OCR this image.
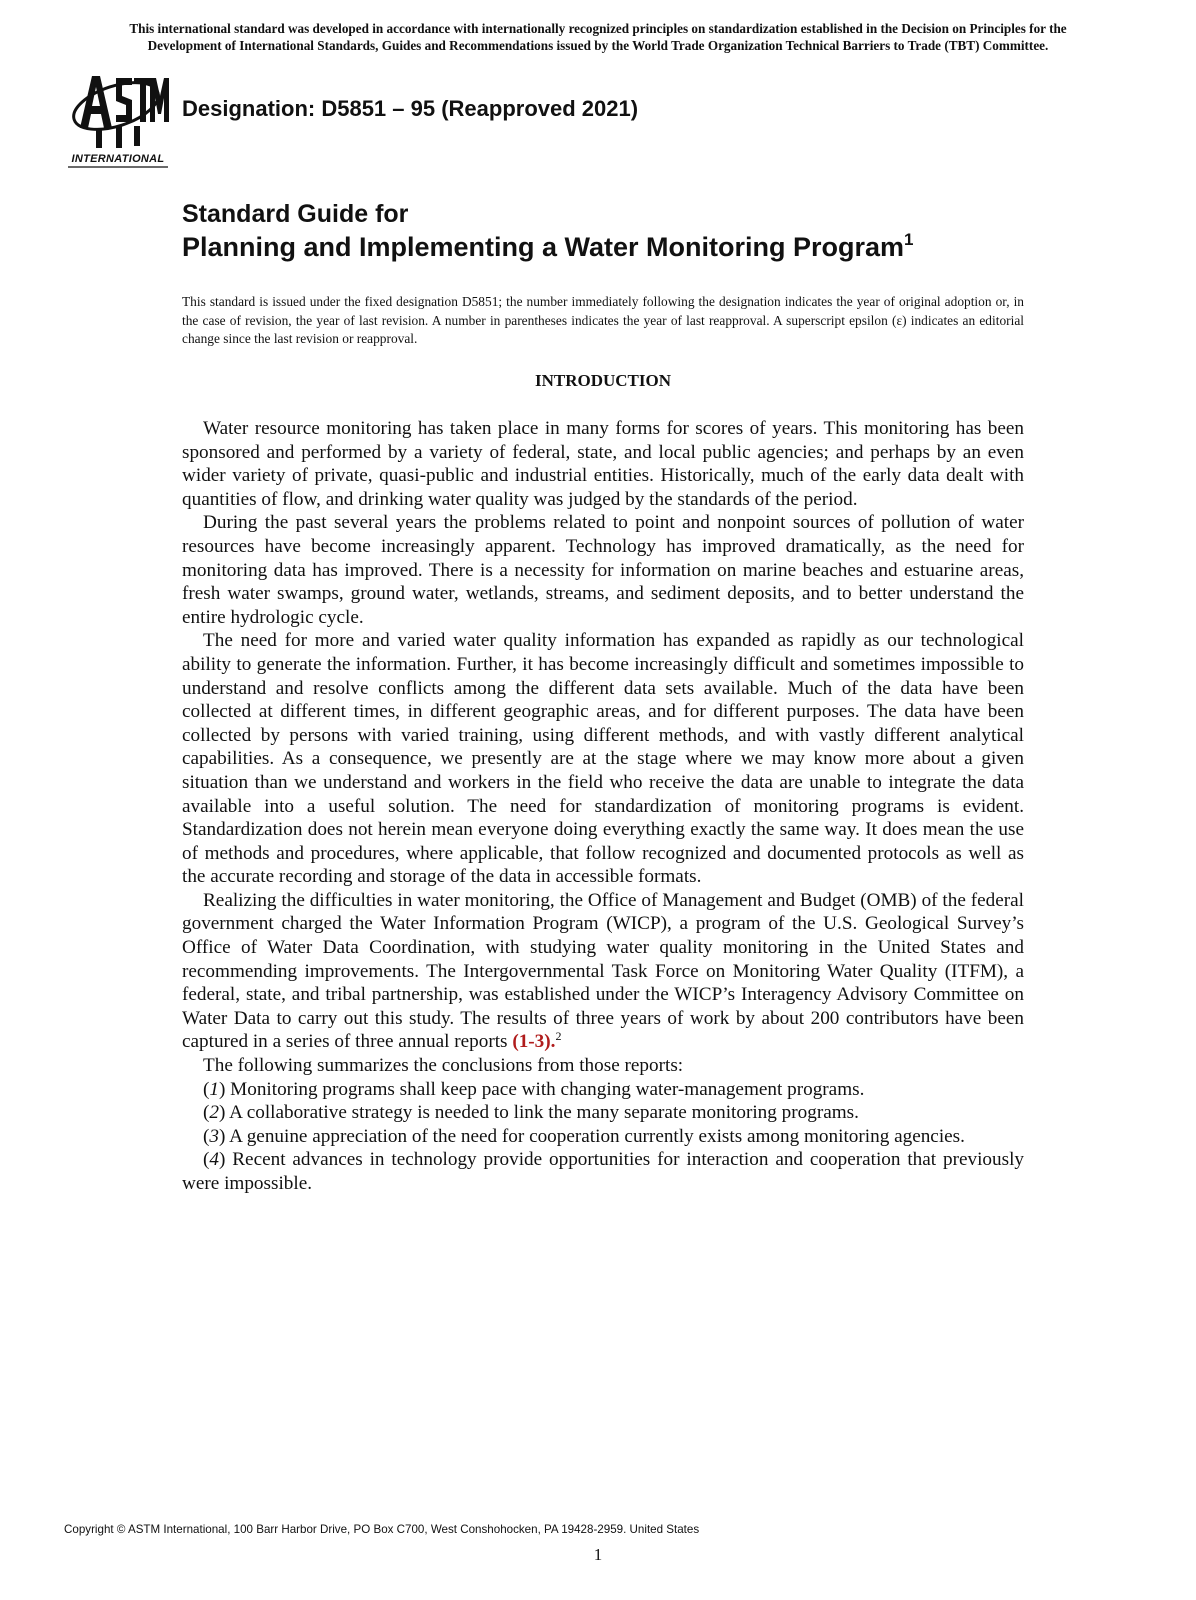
This international standard was developed in accordance with internationally recognized principles on standardization established in the Decision on Principles for the
Development of International Standards, Guides and Recommendations issued by the World Trade Organization Technical Barriers to Trade (TBT) Committee.
INTERNATIONAL
Designation: D5851 – 95 (Reapproved 2021)
Standard Guide for
Planning and Implementing a Water Monitoring Program$^1$
This standard is issued under the fixed designation D5851; the number immediately following the designation indicates the year of original adoption or, in the case of revision, the year of last revision. A number in parentheses indicates the year of last reapproval. A superscript epsilon (ε) indicates an editorial change since the last revision or reapproval.
INTRODUCTION

Water resource monitoring has taken place in many forms for scores of years. This monitoring has been sponsored and performed by a variety of federal, state, and local public agencies; and perhaps by an even wider variety of private, quasi-public and industrial entities. Historically, much of the early data dealt with quantities of flow, and drinking water quality was judged by the standards of the period.

During the past several years the problems related to point and nonpoint sources of pollution of water resources have become increasingly apparent. Technology has improved dramatically, as the need for monitoring data has improved. There is a necessity for information on marine beaches and estuarine areas, fresh water swamps, ground water, wetlands, streams, and sediment deposits, and to better understand the entire hydrologic cycle.

The need for more and varied water quality information has expanded as rapidly as our technological ability to generate the information. Further, it has become increasingly difficult and sometimes impossible to understand and resolve conflicts among the different data sets available. Much of the data have been collected at different times, in different geographic areas, and for different purposes. The data have been collected by persons with varied training, using different methods, and with vastly different analytical capabilities. As a consequence, we presently are at the stage where we may know more about a given situation than we understand and workers in the field who receive the data are unable to integrate the data available into a useful solution. The need for standardization of monitoring programs is evident. Standardization does not herein mean everyone doing everything exactly the same way. It does mean the use of methods and procedures, where applicable, that follow recognized and documented protocols as well as the accurate recording and storage of the data in accessible formats.

Realizing the difficulties in water monitoring, the Office of Management and Budget (OMB) of the federal government charged the Water Information Program (WICP), a program of the U.S. Geological Survey’s Office of Water Data Coordination, with studying water quality monitoring in the United States and recommending improvements. The Intergovernmental Task Force on Monitoring Water Quality (ITFM), a federal, state, and tribal partnership, was established under the WICP’s Interagency Advisory Committee on Water Data to carry out this study. The results of three years of work by about 200 contributors have been captured in a series of three annual reports (1-3).$^2$

The following summarizes the conclusions from those reports:

(1) Monitoring programs shall keep pace with changing water-management programs.

(2) A collaborative strategy is needed to link the many separate monitoring programs.

(3) A genuine appreciation of the need for cooperation currently exists among monitoring agencies.

(4) Recent advances in technology provide opportunities for interaction and cooperation that previously were impossible.

Copyright © ASTM International, 100 Barr Harbor Drive, PO Box C700, West Conshohocken, PA 19428-2959. United States
1
